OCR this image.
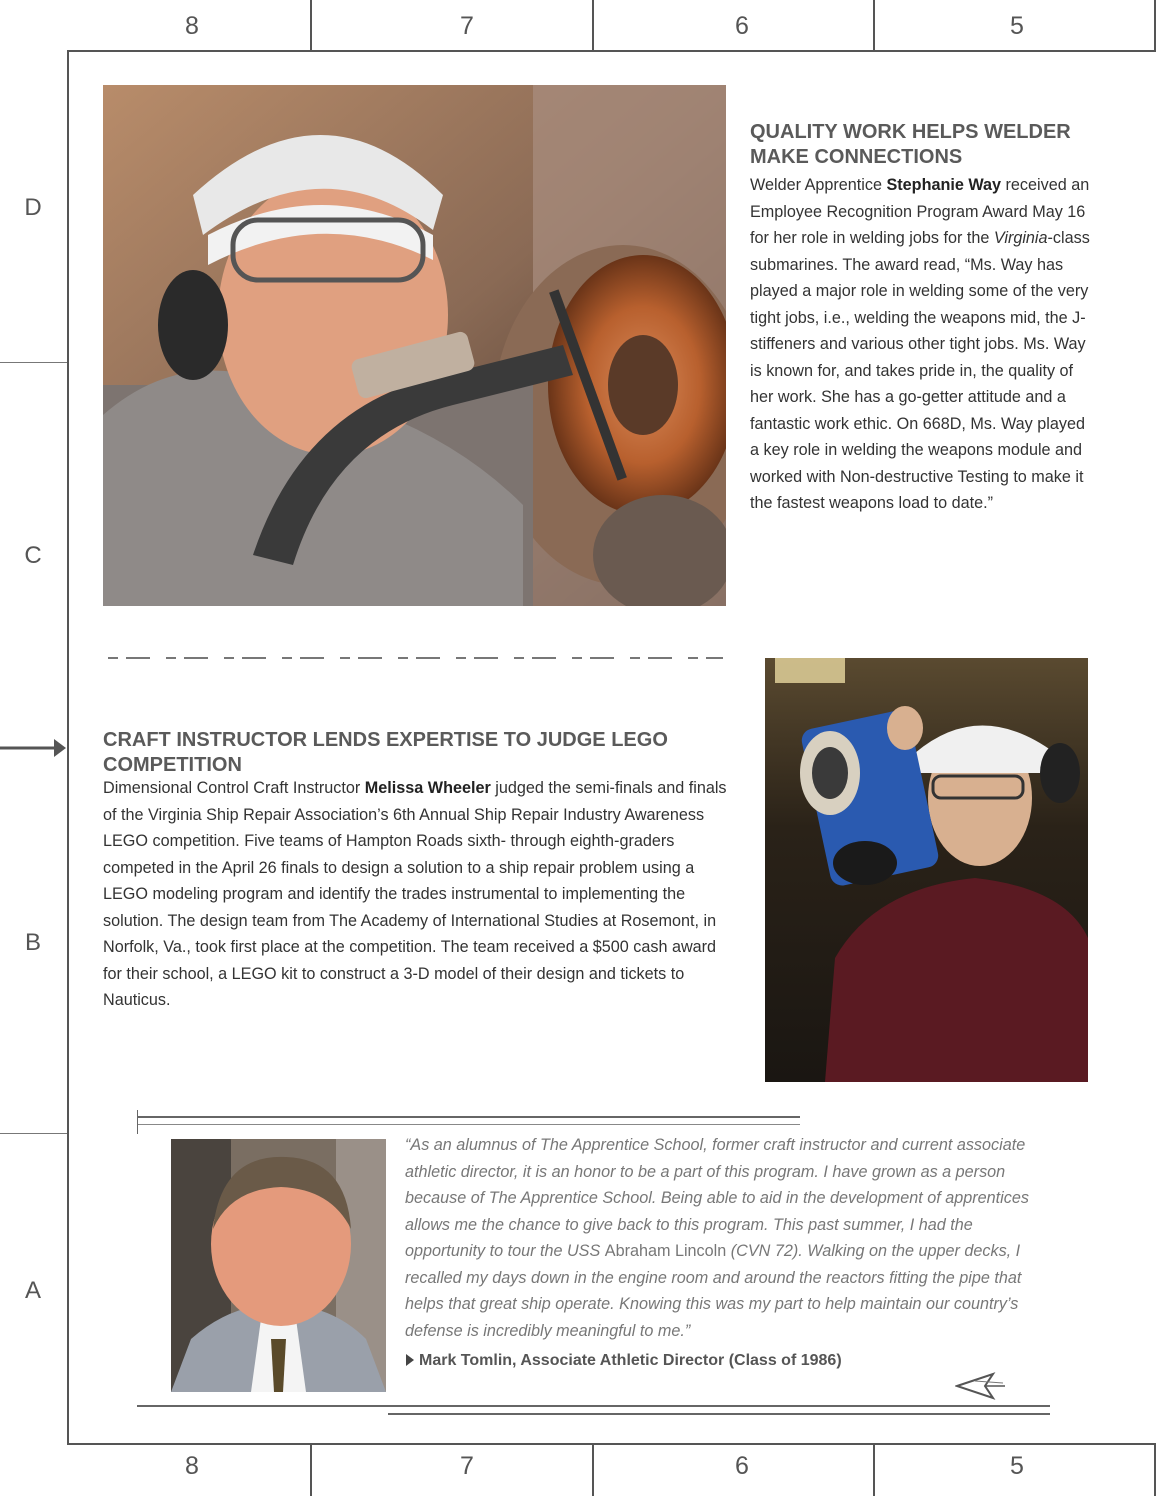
8	7	6	5
8	7	6	5
D
C
B
A
QUALITY WORK HELPS WELDER MAKE CONNECTIONS
Welder Apprentice Stephanie Way received an Employee Recognition Program Award May 16 for her role in welding jobs for the Virginia-class submarines. The award read, “Ms. Way has played a major role in welding some of the very tight jobs, i.e., welding the weapons mid, the J-stiffeners and various other tight jobs. Ms. Way is known for, and takes pride in, the quality of her work. She has a go-getter attitude and a fantastic work ethic. On 668D, Ms. Way played a key role in welding the weapons module and worked with Non-destructive Testing to make it the fastest weapons load to date.”
CRAFT INSTRUCTOR LENDS EXPERTISE TO JUDGE LEGO COMPETITION
Dimensional Control Craft Instructor Melissa Wheeler judged the semi-finals and finals of the Virginia Ship Repair Association’s 6th Annual Ship Repair Industry Awareness LEGO competition. Five teams of Hampton Roads sixth- through eighth-graders competed in the April 26 finals to design a solution to a ship repair problem using a LEGO modeling program and identify the trades instrumental to implementing the solution. The design team from The Academy of International Studies at Rosemont, in Norfolk, Va., took first place at the competition. The team received a $500 cash award for their school, a LEGO kit to construct a 3-D model of their design and tickets to Nauticus.
“As an alumnus of The Apprentice School, former craft instructor and current associate athletic director, it is an honor to be a part of this program. I have grown as a person because of The Apprentice School. Being able to aid in the development of apprentices allows me the chance to give back to this program. This past summer, I had the opportunity to tour the USS Abraham Lincoln (CVN 72). Walking on the upper decks, I recalled my days down in the engine room and around the reactors fitting the pipe that helps that great ship operate. Knowing this was my part to help maintain our country’s defense is incredibly meaningful to me.”
Mark Tomlin, Associate Athletic Director (Class of 1986)
